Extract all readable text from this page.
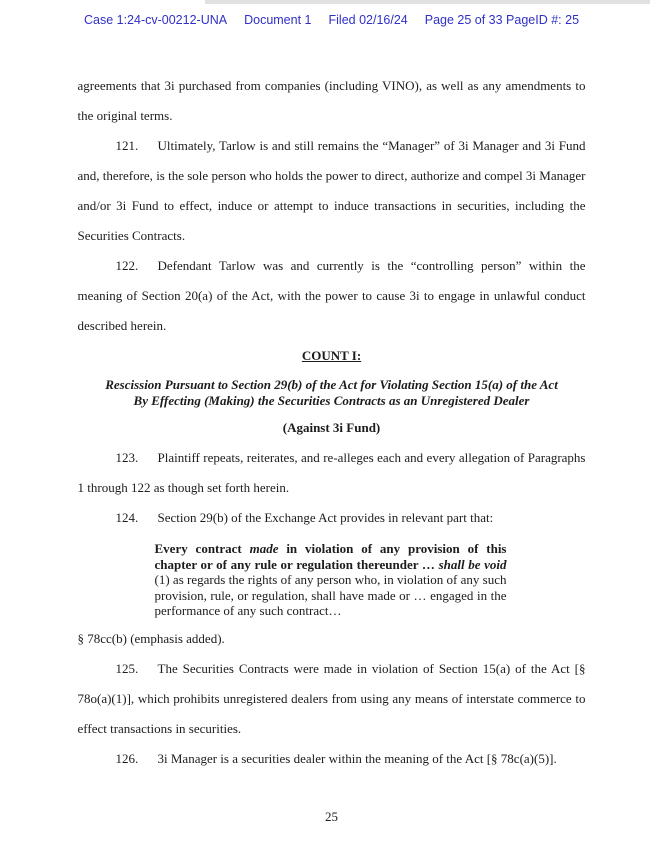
Case 1:24-cv-00212-UNA Document 1 Filed 02/16/24 Page 25 of 33 PageID #: 25

agreements that 3i purchased from companies (including VINO), as well as any amendments to the original terms.

121. Ultimately, Tarlow is and still remains the “Manager” of 3i Manager and 3i Fund and, therefore, is the sole person who holds the power to direct, authorize and compel 3i Manager and/or 3i Fund to effect, induce or attempt to induce transactions in securities, including the Securities Contracts.

122. Defendant Tarlow was and currently is the “controlling person” within the meaning of Section 20(a) of the Act, with the power to cause 3i to engage in unlawful conduct described herein.

COUNT I:

Rescission Pursuant to Section 29(b) of the Act for Violating Section 15(a) of the Act
By Effecting (Making) the Securities Contracts as an Unregistered Dealer

(Against 3i Fund)

123. Plaintiff repeats, reiterates, and re-alleges each and every allegation of Paragraphs 1 through 122 as though set forth herein.

124. Section 29(b) of the Exchange Act provides in relevant part that:

Every contract made in violation of any provision of this chapter or of any rule or regulation thereunder … shall be void (1) as regards the rights of any person who, in violation of any such provision, rule, or regulation, shall have made or … engaged in the performance of any such contract…

§ 78cc(b) (emphasis added).

125. The Securities Contracts were made in violation of Section 15(a) of the Act [§ 78o(a)(1)], which prohibits unregistered dealers from using any means of interstate commerce to effect transactions in securities.

126. 3i Manager is a securities dealer within the meaning of the Act [§ 78c(a)(5)].

25
